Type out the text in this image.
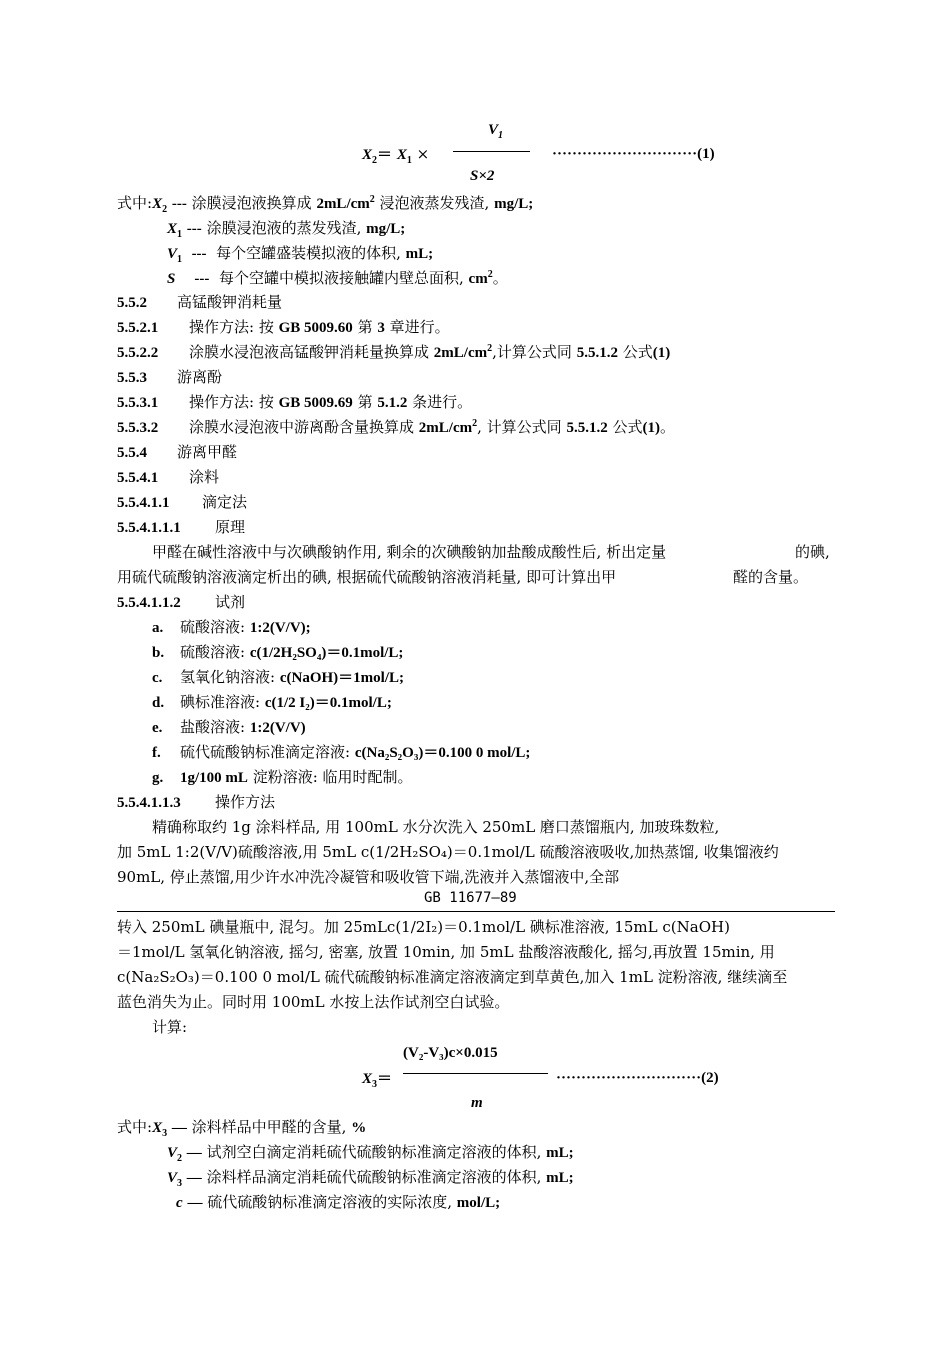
$V_1$
$X_2= X_1$ ×
S×2
·····························(1)
式中$:X_2$ --- 涂膜浸泡液换算成 $2mL/cm^2$ 浸泡液蒸发残渣, mg/L;
$X_1$ --- 涂膜浸泡液的蒸发残渣, mg/L;
$V_1$ --- 每个空罐盛装模拟液的体积, mL;
S --- 每个空罐中模拟液接触罐内壁总面积, $cm^2$。
5.5.2 高锰酸钾消耗量
5.5.2.1 操作方法: 按 GB 5009.60 第 3 章进行。
5.5.2.2 涂膜水浸泡液高锰酸钾消耗量换算成 $2mL/cm^2$,计算公式同 5.5.1.2 公式(1)
5.5.3 游离酚
5.5.3.1 操作方法: 按 GB 5009.69 第 5.1.2 条进行。
5.5.3.2 涂膜水浸泡液中游离酚含量换算成 $2mL/cm^2$, 计算公式同 5.5.1.2 公式(1)。
5.5.4 游离甲醛
5.5.4.1 涂料
5.5.4.1.1 滴定法
5.5.4.1.1.1 原理
甲醛在碱性溶液中与次碘酸钠作用, 剩余的次碘酸钠加盐酸成酸性后, 析出定量	的碘,
用硫代硫酸钠溶液滴定析出的碘, 根据硫代硫酸钠溶液消耗量, 即可计算出甲	醛的含量。
5.5.4.1.1.2 试剂
a. 硫酸溶液: 1:2(V/V);
b. 硫酸溶液: c(1/2H₂SO₄)＝0.1mol/L;
c. 氢氧化钠溶液: c(NaOH)＝1mol/L;
d. 碘标准溶液: c(1/2 I₂)＝0.1mol/L;
e. 盐酸溶液: 1:2(V/V)
f. 硫代硫酸钠标准滴定溶液: c(Na₂S₂O₃)＝0.100 0 mol/L;
g. 1g/100 mL 淀粉溶液: 临用时配制。
5.5.4.1.1.3 操作方法
精确称取约 1g 涂料样品, 用 100mL 水分次洗入 250mL 磨口蒸馏瓶内, 加玻珠数粒,
加 5mL 1:2(V/V)硫酸溶液,用 5mL c(1/2H₂SO₄)＝0.1mol/L 硫酸溶液吸收,加热蒸馏, 收集馏液约
90mL, 停止蒸馏,用少许水冲洗冷凝管和吸收管下端,洗液并入蒸馏液中,全部
GB 11677—89
转入 250mL 碘量瓶中, 混匀。加 25mLc(1/2I₂)＝0.1mol/L 碘标准溶液, 15mL c(NaOH)
＝1mol/L 氢氧化钠溶液, 摇匀, 密塞, 放置 10min, 加 5mL 盐酸溶液酸化, 摇匀,再放置 15min, 用
c(Na₂S₂O₃)＝0.100 0 mol/L 硫代硫酸钠标准滴定溶液滴定到草黄色,加入 1mL 淀粉溶液, 继续滴至
蓝色消失为止。同时用 100mL 水按上法作试剂空白试验。
计算:
(V₂-V₃)c×0.015
$X_3=$
m
·····························(2)
式中$:X_3$ — 涂料样品中甲醛的含量, %
$V_2$ — 试剂空白滴定消耗硫代硫酸钠标准滴定溶液的体积, mL;
$V_3$ — 涂料样品滴定消耗硫代硫酸钠标准滴定溶液的体积, mL;
c — 硫代硫酸钠标准滴定溶液的实际浓度, mol/L;
